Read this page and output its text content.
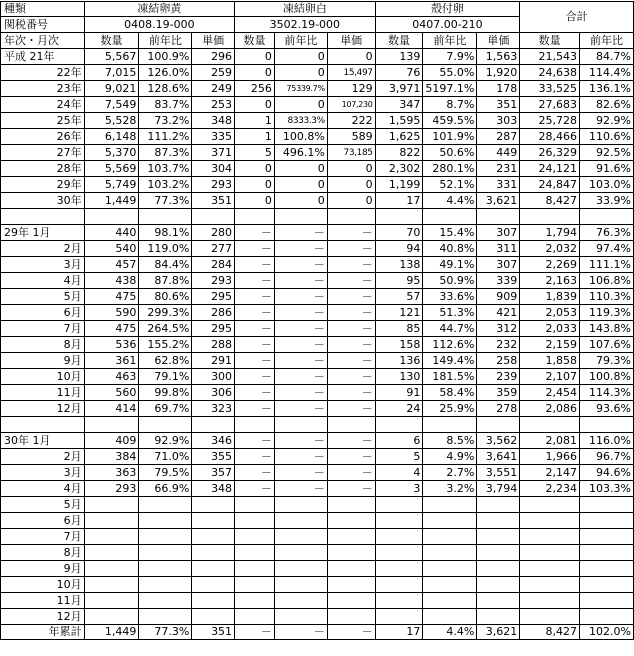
種類	凍結卵黄			凍結卵白			殻付卵			合計	
関税番号	0408.19-000			3502.19-000			0407.00-210				
年次・月次	数量	前年比	単価	数量	前年比	単価	数量	前年比	単価	数量	前年比
平成 21年	5,567	100.9%	296	0	0	0	139	7.9%	1,563	21,543	84.7%
22年	7,015	126.0%	259	0	0	15,497	76	55.0%	1,920	24,638	114.4%
23年	9,021	128.6%	249	256	75339.7%	129	3,971	5197.1%	178	33,525	136.1%
24年	7,549	83.7%	253	0	0	107,230	347	8.7%	351	27,683	82.6%
25年	5,528	73.2%	348	1	8333.3%	222	1,595	459.5%	303	25,728	92.9%
26年	6,148	111.2%	335	1	100.8%	589	1,625	101.9%	287	28,466	110.6%
27年	5,370	87.3%	371	5	496.1%	73,185	822	50.6%	449	26,329	92.5%
28年	5,569	103.7%	304	0	0	0	2,302	280.1%	231	24,121	91.6%
29年	5,749	103.2%	293	0	0	0	1,199	52.1%	331	24,847	103.0%
30年	1,449	77.3%	351	0	0	0	17	4.4%	3,621	8,427	33.9%

29年 1月	440	98.1%	280	－	－	－	70	15.4%	307	1,794	76.3%
2月	540	119.0%	277	－	－	－	94	40.8%	311	2,032	97.4%
3月	457	84.4%	284	－	－	－	138	49.1%	307	2,269	111.1%
4月	438	87.8%	293	－	－	－	95	50.9%	339	2,163	106.8%
5月	475	80.6%	295	－	－	－	57	33.6%	909	1,839	110.3%
6月	590	299.3%	286	－	－	－	121	51.3%	421	2,053	119.3%
7月	475	264.5%	295	－	－	－	85	44.7%	312	2,033	143.8%
8月	536	155.2%	288	－	－	－	158	112.6%	232	2,159	107.6%
9月	361	62.8%	291	－	－	－	136	149.4%	258	1,858	79.3%
10月	463	79.1%	300	－	－	－	130	181.5%	239	2,107	100.8%
11月	560	99.8%	306	－	－	－	91	58.4%	359	2,454	114.3%
12月	414	69.7%	323	－	－	－	24	25.9%	278	2,086	93.6%

30年 1月	409	92.9%	346	－	－	－	6	8.5%	3,562	2,081	116.0%
2月	384	71.0%	355	－	－	－	5	4.9%	3,641	1,966	96.7%
3月	363	79.5%	357	－	－	－	4	2.7%	3,551	2,147	94.6%
4月	293	66.9%	348	－	－	－	3	3.2%	3,794	2,234	103.3%
5月											
6月											
7月											
8月											
9月											
10月											
11月											
12月											
年累計	1,449	77.3%	351	－	－	－	17	4.4%	3,621	8,427	102.0%
